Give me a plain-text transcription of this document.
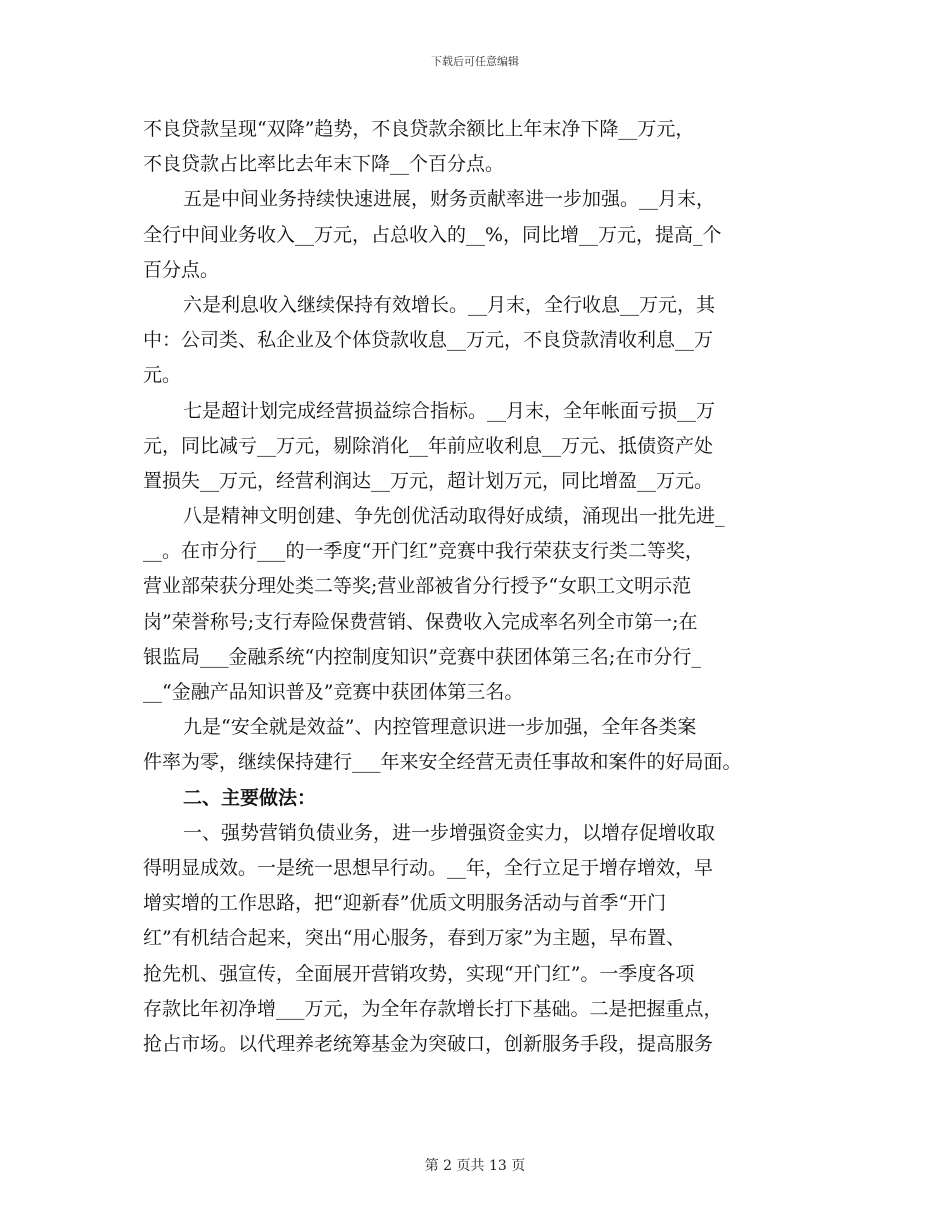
下载后可任意编辑
不良贷款呈现“双降”趋势，不良贷款余额比上年末净下降__万元，
不良贷款占比率比去年末下降__个百分点。
五是中间业务持续快速进展，财务贡献率进一步加强。__月末，
全行中间业务收入__万元，占总收入的__%，同比增__万元，提高_个
百分点。
六是利息收入继续保持有效增长。__月末，全行收息__万元，其
中：公司类、私企业及个体贷款收息__万元，不良贷款清收利息__万
元。
七是超计划完成经营损益综合指标。__月末，全年帐面亏损__万
元，同比减亏__万元，剔除消化__年前应收利息__万元、抵债资产处
置损失__万元，经营利润达__万元，超计划万元，同比增盈__万元。
八是精神文明创建、争先创优活动取得好成绩，涌现出一批先进_
__。在市分行___的一季度“开门红”竞赛中我行荣获支行类二等奖，
营业部荣获分理处类二等奖;营业部被省分行授予“女职工文明示范
岗”荣誉称号;支行寿险保费营销、保费收入完成率名列全市第一;在
银监局___金融系统“内控制度知识”竞赛中获团体第三名;在市分行_
__“金融产品知识普及”竞赛中获团体第三名。
九是“安全就是效益”、内控管理意识进一步加强，全年各类案
件率为零，继续保持建行___年来安全经营无责任事故和案件的好局面。
二、主要做法：
一、强势营销负债业务，进一步增强资金实力，以增存促增收取
得明显成效。一是统一思想早行动。__年，全行立足于增存增效，早
增实增的工作思路，把“迎新春”优质文明服务活动与首季“开门
红”有机结合起来，突出“用心服务，春到万家”为主题，早布置、
抢先机、强宣传，全面展开营销攻势，实现“开门红”。一季度各项
存款比年初净增___万元，为全年存款增长打下基础。二是把握重点，
抢占市场。以代理养老统筹基金为突破口，创新服务手段，提高服务
第 2 页共 13 页
